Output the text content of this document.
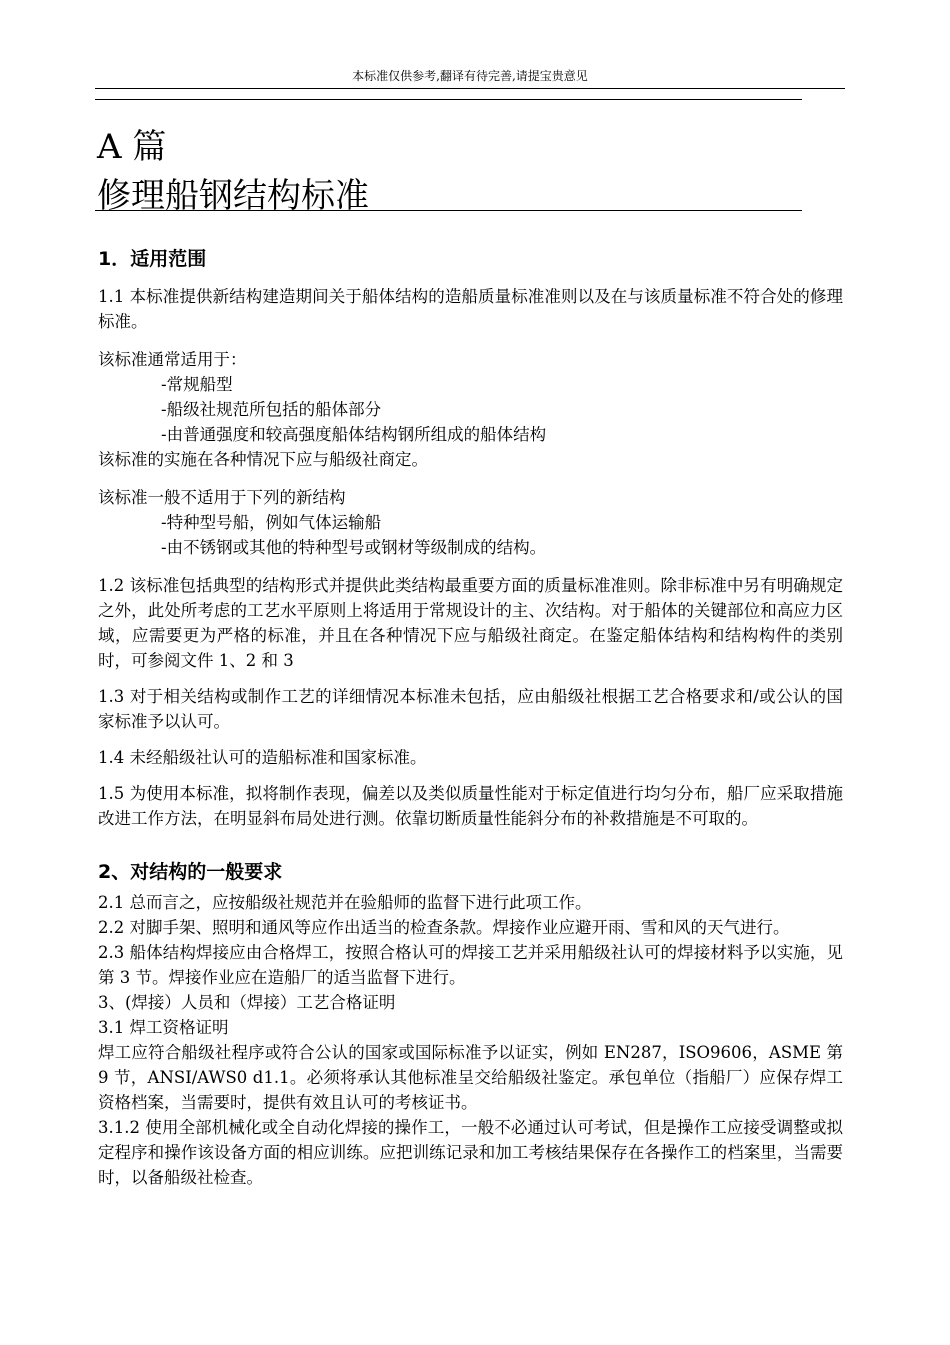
本标准仅供参考,翻译有待完善,请提宝贵意见
A 篇
修理船钢结构标准
1．适用范围

1.1 本标准提供新结构建造期间关于船体结构的造船质量标准准则以及在与该质量标准不符合处的修理标准。

该标准通常适用于：

-常规船型

-船级社规范所包括的船体部分

-由普通强度和较高强度船体结构钢所组成的船体结构

该标准的实施在各种情况下应与船级社商定。

该标准一般不适用于下列的新结构

-特种型号船，例如气体运输船

-由不锈钢或其他的特种型号或钢材等级制成的结构。

1.2 该标准包括典型的结构形式并提供此类结构最重要方面的质量标准准则。除非标准中另有明确规定之外，此处所考虑的工艺水平原则上将适用于常规设计的主、次结构。对于船体的关键部位和高应力区域，应需要更为严格的标准，并且在各种情况下应与船级社商定。在鉴定船体结构和结构构件的类别时，可参阅文件 1、2 和 3

1.3 对于相关结构或制作工艺的详细情况本标准未包括，应由船级社根据工艺合格要求和/或公认的国家标准予以认可。

1.4 未经船级社认可的造船标准和国家标准。

1.5 为使用本标准，拟将制作表现，偏差以及类似质量性能对于标定值进行均匀分布，船厂应采取措施改进工作方法，在明显斜布局处进行测。依靠切断质量性能斜分布的补救措施是不可取的。

2、对结构的一般要求

2.1 总而言之，应按船级社规范并在验船师的监督下进行此项工作。

2.2 对脚手架、照明和通风等应作出适当的检查条款。焊接作业应避开雨、雪和风的天气进行。

2.3 船体结构焊接应由合格焊工，按照合格认可的焊接工艺并采用船级社认可的焊接材料予以实施，见第 3 节。焊接作业应在造船厂的适当监督下进行。

3、(焊接）人员和（焊接）工艺合格证明

3.1 焊工资格证明

焊工应符合船级社程序或符合公认的国家或国际标准予以证实，例如 EN287，ISO9606，ASME 第 9 节，ANSI/AWS0 d1.1。必须将承认其他标准呈交给船级社鉴定。承包单位（指船厂）应保存焊工资格档案，当需要时，提供有效且认可的考核证书。

3.1.2 使用全部机械化或全自动化焊接的操作工，一般不必通过认可考试，但是操作工应接受调整或拟定程序和操作该设备方面的相应训练。应把训练记录和加工考核结果保存在各操作工的档案里，当需要时，以备船级社检查。
